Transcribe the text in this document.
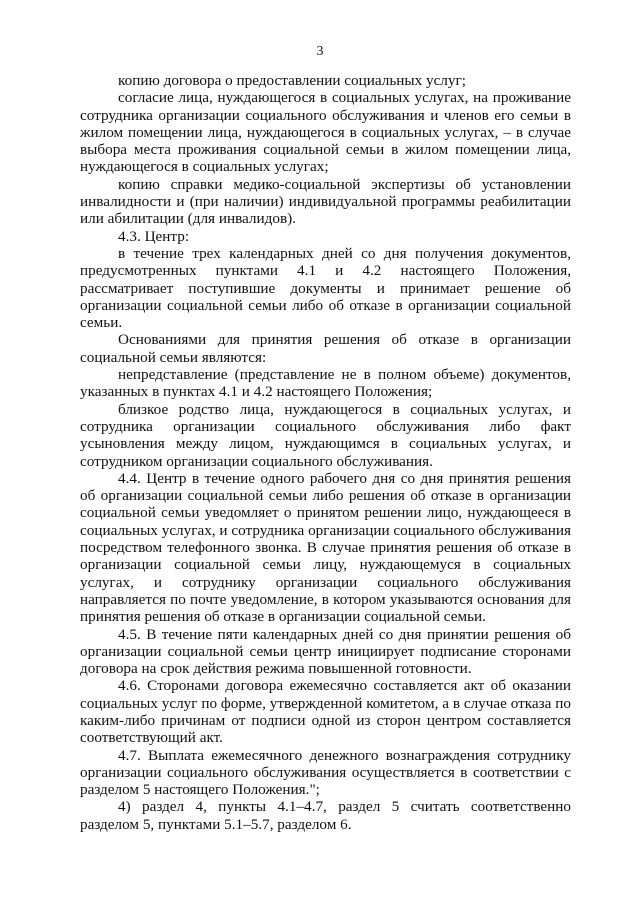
3

копию договора о предоставлении социальных услуг;

согласие лица, нуждающегося в социальных услугах, на проживание сотрудника организации социального обслуживания и членов его семьи в жилом помещении лица, нуждающегося в социальных услугах, – в случае выбора места проживания социальной семьи в жилом помещении лица, нуждающегося в социальных услугах;

копию справки медико-социальной экспертизы об установлении инвалидности и (при наличии) индивидуальной программы реабилитации или абилитации (для инвалидов).

4.3. Центр:

в течение трех календарных дней со дня получения документов, предусмотренных пунктами 4.1 и 4.2 настоящего Положения, рассматривает поступившие документы и принимает решение об организации социальной семьи либо об отказе в организации социальной семьи.

Основаниями для принятия решения об отказе в организации социальной семьи являются:

непредставление (представление не в полном объеме) документов, указанных в пунктах 4.1 и 4.2 настоящего Положения;

близкое родство лица, нуждающегося в социальных услугах, и сотрудника организации социального обслуживания либо факт усыновления между лицом, нуждающимся в социальных услугах, и сотрудником организации социального обслуживания.

4.4. Центр в течение одного рабочего дня со дня принятия решения об организации социальной семьи либо решения об отказе в организации социальной семьи уведомляет о принятом решении лицо, нуждающееся в социальных услугах, и сотрудника организации социального обслуживания посредством телефонного звонка. В случае принятия решения об отказе в организации социальной семьи лицу, нуждающемуся в социальных услугах, и сотруднику организации социального обслуживания направляется по почте уведомление, в котором указываются основания для принятия решения об отказе в организации социальной семьи.

4.5. В течение пяти календарных дней со дня принятии решения об организации социальной семьи центр инициирует подписание сторонами договора на срок действия режима повышенной готовности.

4.6. Сторонами договора ежемесячно составляется акт об оказании социальных услуг по форме, утвержденной комитетом, а в случае отказа по каким-либо причинам от подписи одной из сторон центром составляется соответствующий акт.

4.7. Выплата ежемесячного денежного вознаграждения сотруднику организации социального обслуживания осуществляется в соответствии с разделом 5 настоящего Положения.";

4) раздел 4, пункты 4.1–4.7, раздел 5 считать соответственно разделом 5, пунктами 5.1–5.7, разделом 6.
